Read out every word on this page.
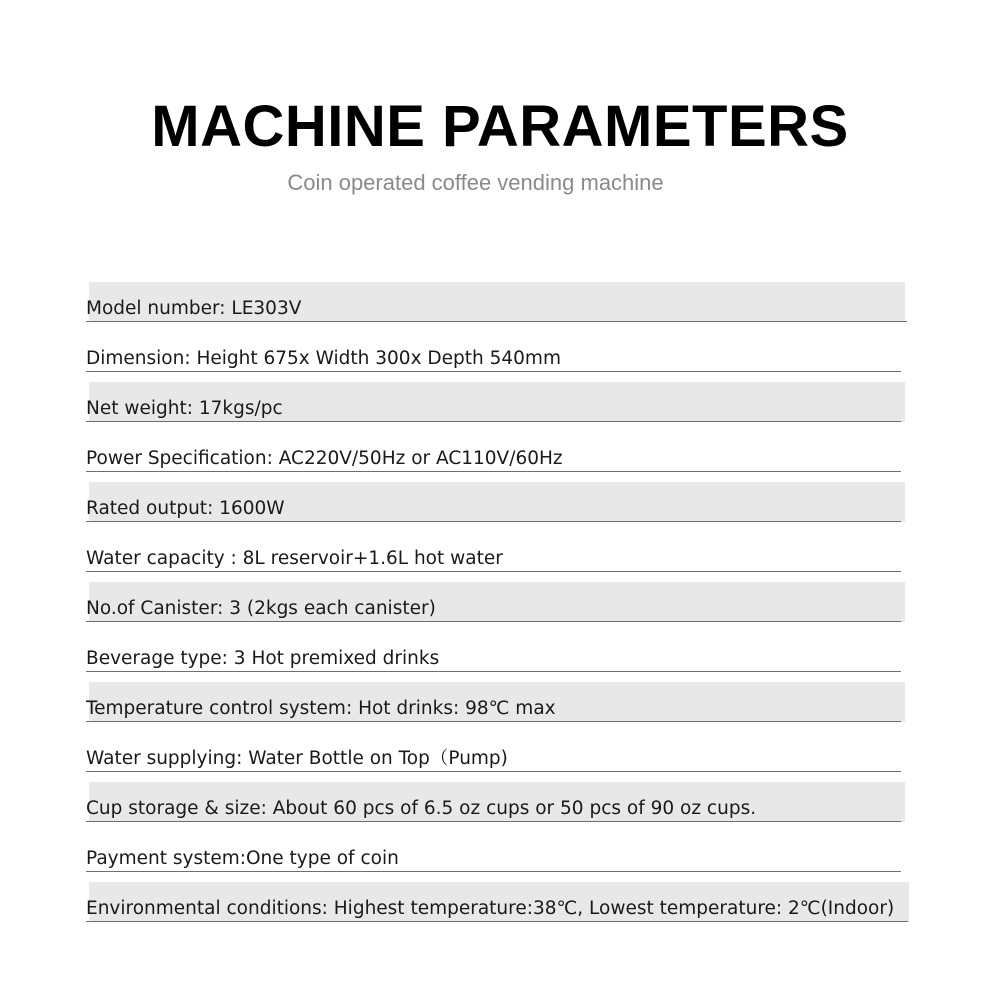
MACHINE PARAMETERS
Coin operated coffee vending machine
Model number: LE303V
Dimension: Height 675x Width 300x Depth 540mm
Net weight: 17kgs/pc
Power Specification: AC220V/50Hz or AC110V/60Hz
Rated output: 1600W
Water capacity : 8L reservoir+1.6L hot water
No.of Canister: 3 (2kgs each canister)
Beverage type: 3 Hot premixed drinks
Temperature control system: Hot drinks: 98℃ max
Water supplying: Water Bottle on Top（Pump)
Cup storage & size: About 60 pcs of 6.5 oz cups or 50 pcs of 90 oz cups.
Payment system:One type of coin
Environmental conditions: Highest temperature:38℃, Lowest temperature: 2℃(Indoor)
